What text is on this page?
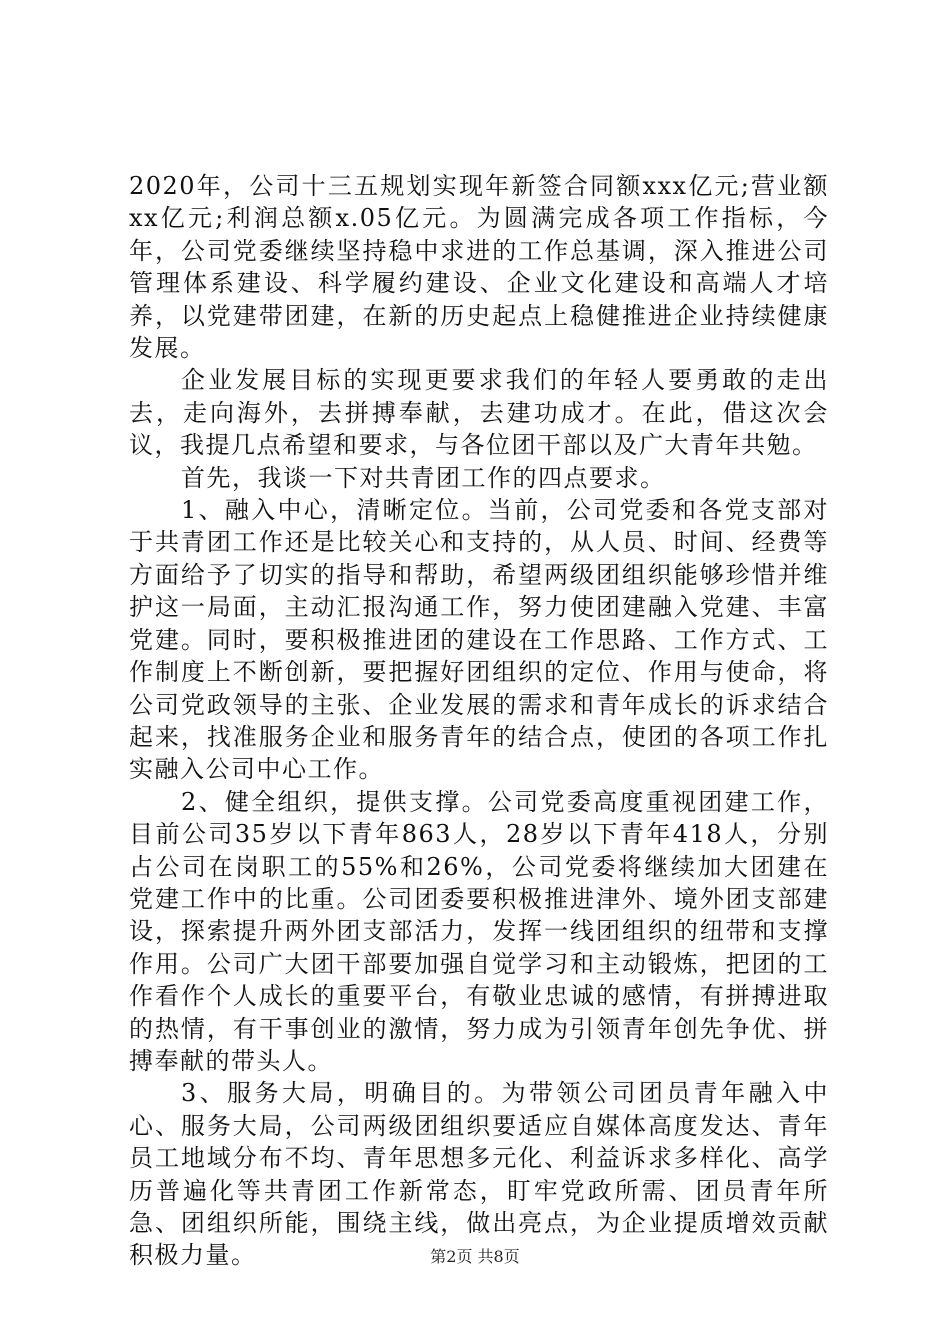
2020年，公司十三五规划实现年新签合同额xxx亿元;营业额xx亿元;利润总额x.05亿元。为圆满完成各项工作指标，今年，公司党委继续坚持稳中求进的工作总基调，深入推进公司管理体系建设、科学履约建设、企业文化建设和高端人才培养，以党建带团建，在新的历史起点上稳健推进企业持续健康发展。

企业发展目标的实现更要求我们的年轻人要勇敢的走出去，走向海外，去拼搏奉献，去建功成才。在此，借这次会议，我提几点希望和要求，与各位团干部以及广大青年共勉。

首先，我谈一下对共青团工作的四点要求。

1、融入中心，清晰定位。当前，公司党委和各党支部对于共青团工作还是比较关心和支持的，从人员、时间、经费等方面给予了切实的指导和帮助，希望两级团组织能够珍惜并维护这一局面，主动汇报沟通工作，努力使团建融入党建、丰富党建。同时，要积极推进团的建设在工作思路、工作方式、工作制度上不断创新，要把握好团组织的定位、作用与使命，将公司党政领导的主张、企业发展的需求和青年成长的诉求结合起来，找准服务企业和服务青年的结合点，使团的各项工作扎实融入公司中心工作。

2、健全组织，提供支撑。公司党委高度重视团建工作，目前公司35岁以下青年863人，28岁以下青年418人，分别占公司在岗职工的55%和26%，公司党委将继续加大团建在党建工作中的比重。公司团委要积极推进津外、境外团支部建设，探索提升两外团支部活力，发挥一线团组织的纽带和支撑作用。公司广大团干部要加强自觉学习和主动锻炼，把团的工作看作个人成长的重要平台，有敬业忠诚的感情，有拼搏进取的热情，有干事创业的激情，努力成为引领青年创先争优、拼搏奉献的带头人。

3、服务大局，明确目的。为带领公司团员青年融入中心、服务大局，公司两级团组织要适应自媒体高度发达、青年员工地域分布不均、青年思想多元化、利益诉求多样化、高学历普遍化等共青团工作新常态，盯牢党政所需、团员青年所急、团组织所能，围绕主线，做出亮点，为企业提质增效贡献积极力量。	第2页 共8页
